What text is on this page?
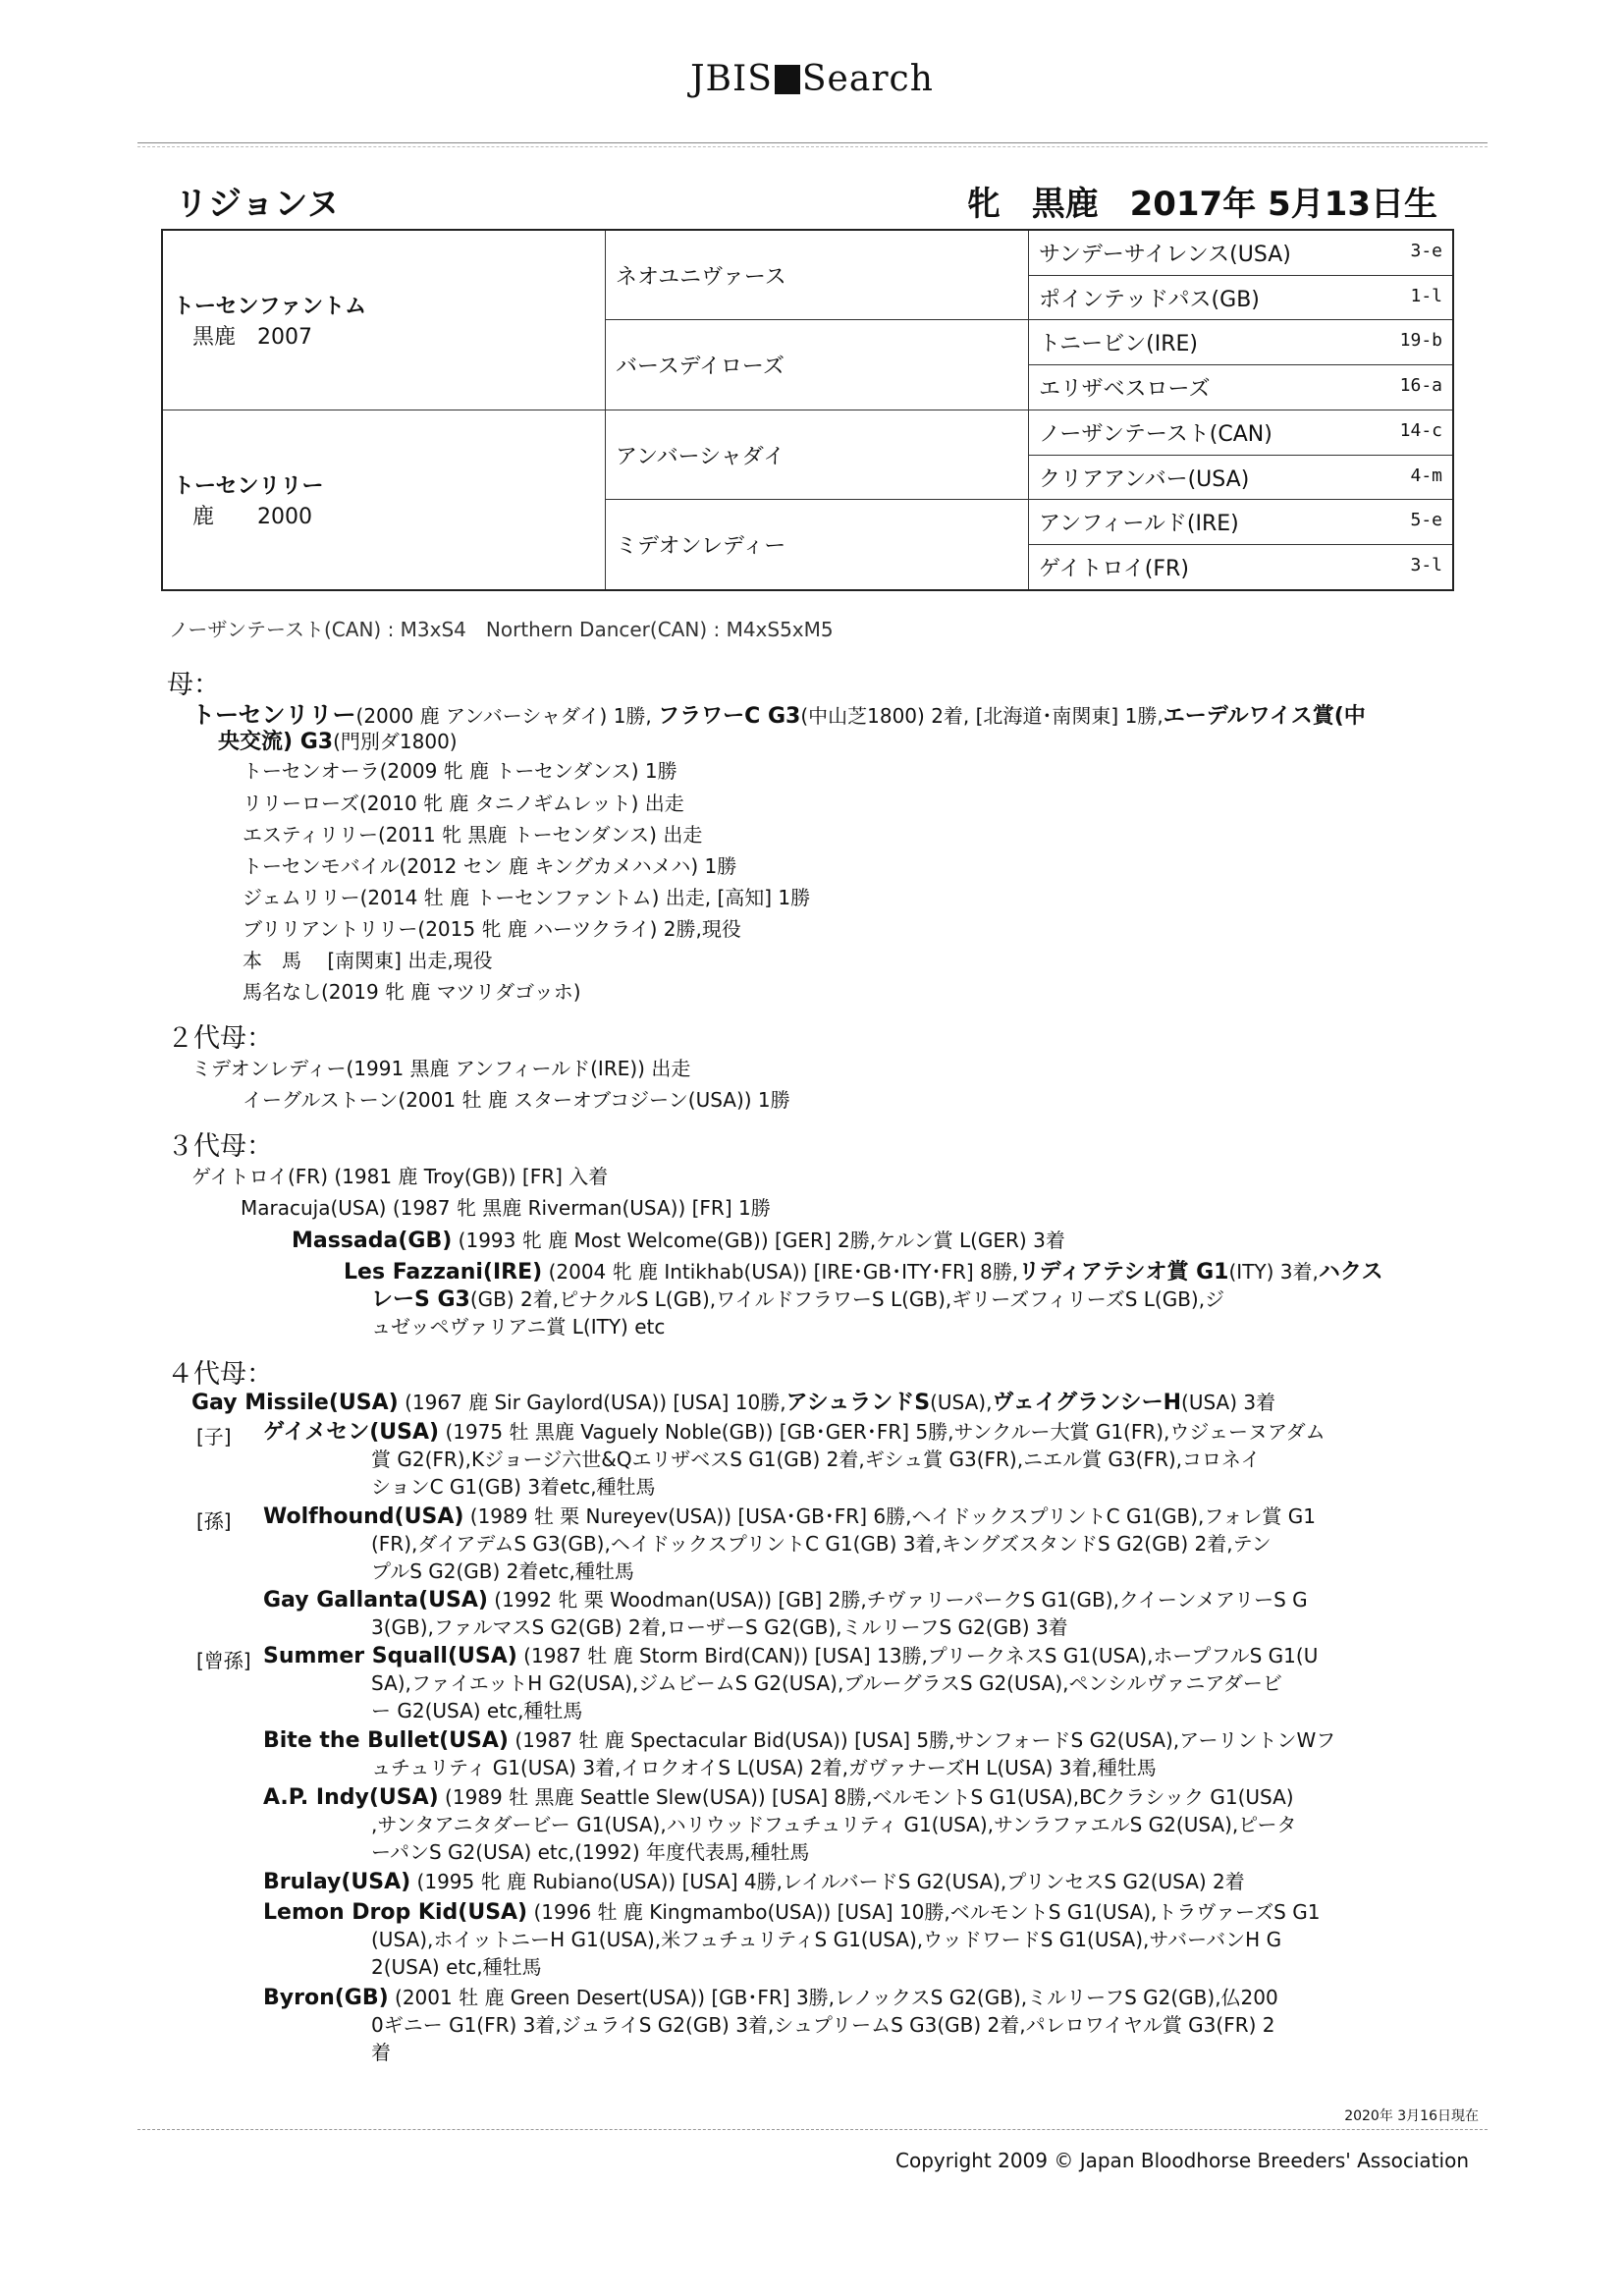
JBIS Search
リジョンヌ	牝 黒鹿 2017年 5月13日生
トーセンファントム
黒鹿　2007	ネオユニヴァース	サンデーサイレンス(USA) 3-e

		ポインテッドパス(GB) 1-l

	バースデイローズ	トニービン(IRE) 19-b

		エリザベスローズ 16-a

トーセンリリー
鹿　　2000	アンバーシャダイ	ノーザンテースト(CAN) 14-c

		クリアアンバー(USA) 4-m

	ミデオンレディー	アンフィールド(IRE) 5-e

		ゲイトロイ(FR) 3-l
ノーザンテースト(CAN) : M3xS4　Northern Dancer(CAN) : M4xS5xM5
母：
トーセンリリー(2000 鹿 アンバーシャダイ) 1勝, フラワーC G3(中山芝1800) 2着, [北海道･南関東] 1勝,エーデルワイス賞(中
央交流) G3(門別ダ1800)
トーセンオーラ(2009 牝 鹿 トーセンダンス) 1勝
リリーローズ(2010 牝 鹿 タニノギムレット) 出走
エスティリリー(2011 牝 黒鹿 トーセンダンス) 出走
トーセンモバイル(2012 セン 鹿 キングカメハメハ) 1勝
ジェムリリー(2014 牡 鹿 トーセンファントム) 出走, [高知] 1勝
ブリリアントリリー(2015 牝 鹿 ハーツクライ) 2勝,現役
本　馬　 [南関東] 出走,現役
馬名なし(2019 牝 鹿 マツリダゴッホ)
２代母：
ミデオンレディー(1991 黒鹿 アンフィールド(IRE)) 出走
イーグルストーン(2001 牡 鹿 スターオブコジーン(USA)) 1勝
３代母：
ゲイトロイ(FR) (1981 鹿 Troy(GB)) [FR] 入着
Maracuja(USA) (1987 牝 黒鹿 Riverman(USA)) [FR] 1勝
Massada(GB) (1993 牝 鹿 Most Welcome(GB)) [GER] 2勝,ケルン賞 L(GER) 3着
Les Fazzani(IRE) (2004 牝 鹿 Intikhab(USA)) [IRE･GB･ITY･FR] 8勝,リディアテシオ賞 G1(ITY) 3着,ハクス
レーS G3(GB) 2着,ピナクルS L(GB),ワイルドフラワーS L(GB),ギリーズフィリーズS L(GB),ジ
ュゼッペヴァリアニ賞 L(ITY) etc
４代母：
Gay Missile(USA) (1967 鹿 Sir Gaylord(USA)) [USA] 10勝,アシュランドS(USA),ヴェイグランシーH(USA) 3着
[子] ゲイメセン(USA) (1975 牡 黒鹿 Vaguely Noble(GB)) [GB･GER･FR] 5勝,サンクルー大賞 G1(FR),ウジェーヌアダム
賞 G2(FR),Kジョージ六世&QエリザベスS G1(GB) 2着,ギシュ賞 G3(FR),ニエル賞 G3(FR),コロネイ
ションC G1(GB) 3着etc,種牡馬
[孫] Wolfhound(USA) (1989 牡 栗 Nureyev(USA)) [USA･GB･FR] 6勝,ヘイドックスプリントC G1(GB),フォレ賞 G1
(FR),ダイアデムS G3(GB),ヘイドックスプリントC G1(GB) 3着,キングズスタンドS G2(GB) 2着,テン
プルS G2(GB) 2着etc,種牡馬
Gay Gallanta(USA) (1992 牝 栗 Woodman(USA)) [GB] 2勝,チヴァリーパークS G1(GB),クイーンメアリーS G
3(GB),ファルマスS G2(GB) 2着,ローザーS G2(GB),ミルリーフS G2(GB) 3着
[曾孫] Summer Squall(USA) (1987 牡 鹿 Storm Bird(CAN)) [USA] 13勝,プリークネスS G1(USA),ホープフルS G1(U
SA),ファイエットH G2(USA),ジムビームS G2(USA),ブルーグラスS G2(USA),ペンシルヴァニアダービ
ー G2(USA) etc,種牡馬
Bite the Bullet(USA) (1987 牡 鹿 Spectacular Bid(USA)) [USA] 5勝,サンフォードS G2(USA),アーリントンWフ
ュチュリティ G1(USA) 3着,イロクオイS L(USA) 2着,ガヴァナーズH L(USA) 3着,種牡馬
A.P. Indy(USA) (1989 牡 黒鹿 Seattle Slew(USA)) [USA] 8勝,ベルモントS G1(USA),BCクラシック G1(USA)
,サンタアニタダービー G1(USA),ハリウッドフュチュリティ G1(USA),サンラファエルS G2(USA),ピータ
ーパンS G2(USA) etc,(1992) 年度代表馬,種牡馬
Brulay(USA) (1995 牝 鹿 Rubiano(USA)) [USA] 4勝,レイルバードS G2(USA),プリンセスS G2(USA) 2着
Lemon Drop Kid(USA) (1996 牡 鹿 Kingmambo(USA)) [USA] 10勝,ベルモントS G1(USA),トラヴァーズS G1
(USA),ホイットニーH G1(USA),米フュチュリティS G1(USA),ウッドワードS G1(USA),サバーバンH G
2(USA) etc,種牡馬
Byron(GB) (2001 牡 鹿 Green Desert(USA)) [GB･FR] 3勝,レノックスS G2(GB),ミルリーフS G2(GB),仏200
0ギニー G1(FR) 3着,ジュライS G2(GB) 3着,シュプリームS G3(GB) 2着,パレロワイヤル賞 G3(FR) 2
着
2020年 3月16日現在
Copyright 2009 © Japan Bloodhorse Breeders' Association
